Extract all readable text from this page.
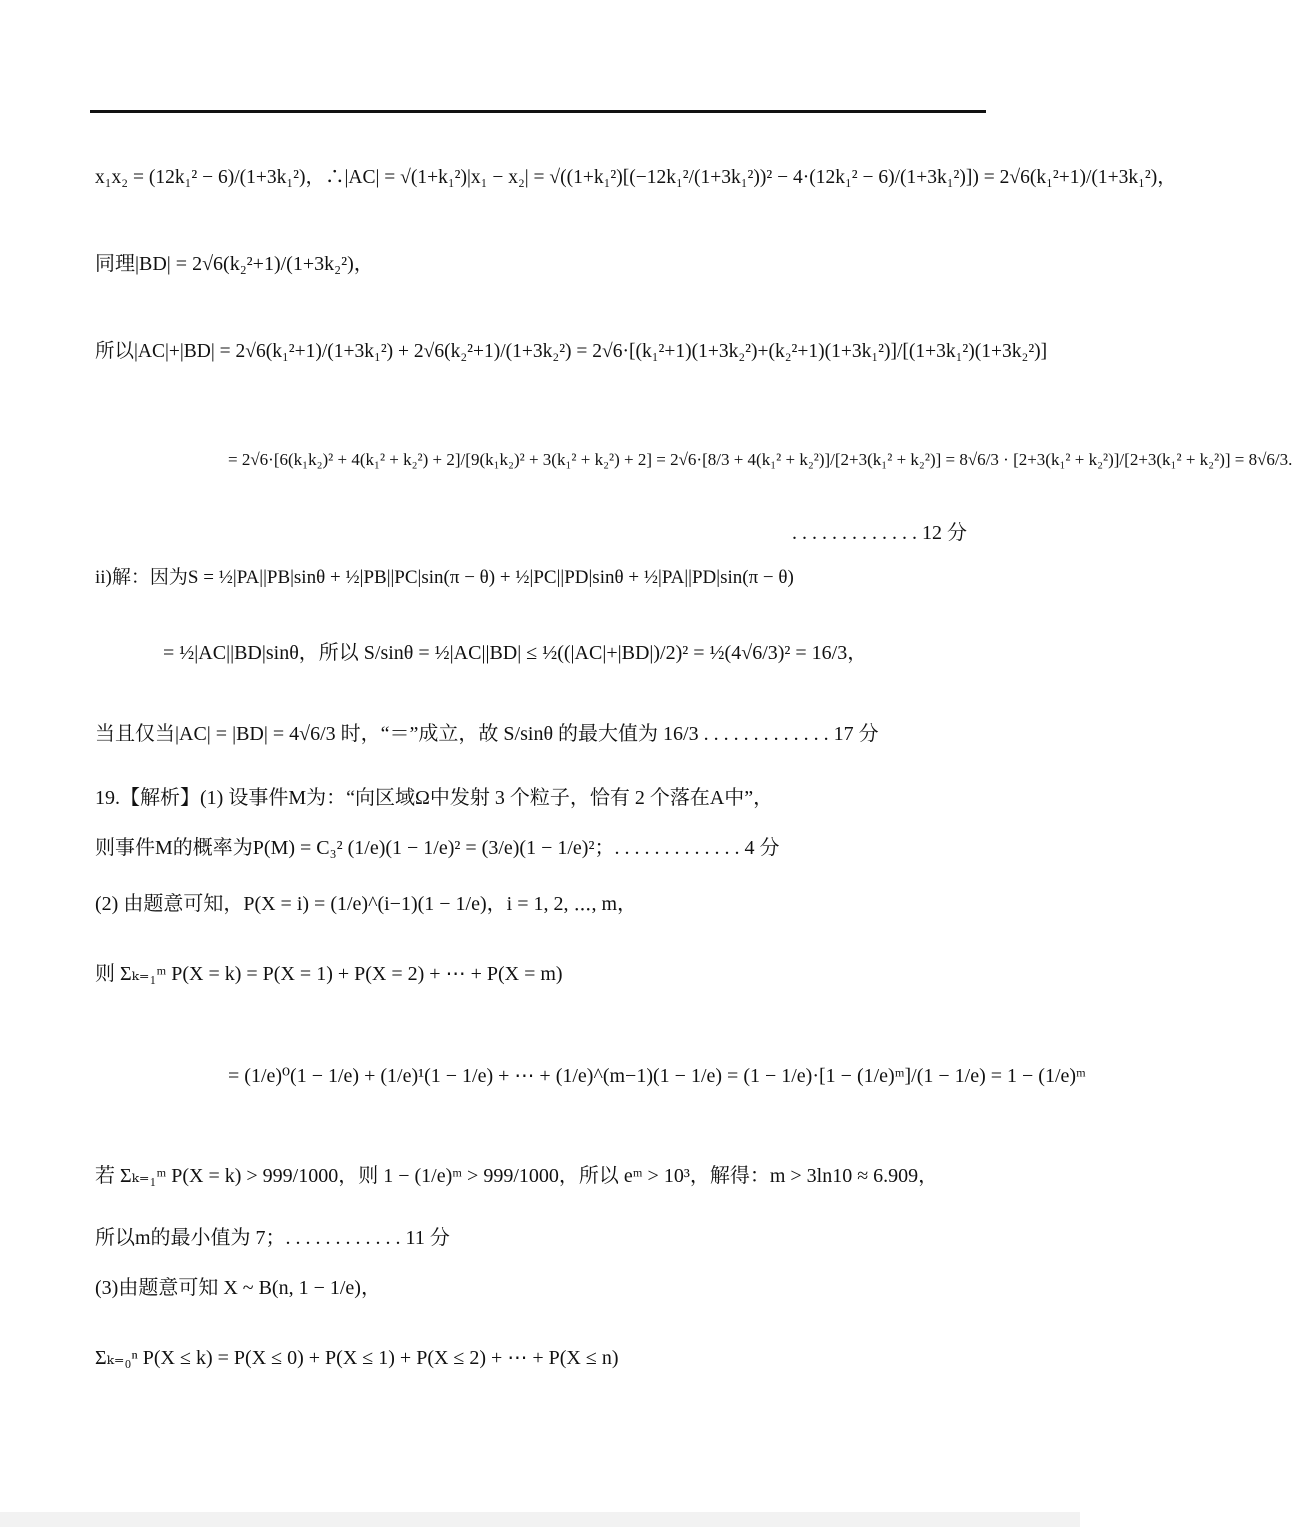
x₁x₂ = (12k₁² − 6)/(1+3k₁²)，∴|AC| = √(1+k₁²)|x₁ − x₂| = √((1+k₁²)[(−12k₁²/(1+3k₁²))² − 4·(12k₁² − 6)/(1+3k₁²)]) = 2√6(k₁²+1)/(1+3k₁²)，
同理|BD| = 2√6(k₂²+1)/(1+3k₂²)，
所以|AC|+|BD| = 2√6(k₁²+1)/(1+3k₁²) + 2√6(k₂²+1)/(1+3k₂²) = 2√6·[(k₁²+1)(1+3k₂²)+(k₂²+1)(1+3k₁²)]/[(1+3k₁²)(1+3k₂²)]
= 2√6·[6(k₁k₂)² + 4(k₁² + k₂²) + 2]/[9(k₁k₂)² + 3(k₁² + k₂²) + 2] = 2√6·[8/3 + 4(k₁² + k₂²)]/[2+3(k₁² + k₂²)] = 8√6/3 · [2+3(k₁² + k₂²)]/[2+3(k₁² + k₂²)] = 8√6/3.
. . . . . . . . . . . . . 12 分
ii)解：因为S = ½|PA||PB|sinθ + ½|PB||PC|sin(π − θ) + ½|PC||PD|sinθ + ½|PA||PD|sin(π − θ)
= ½|AC||BD|sinθ，所以 S/sinθ = ½|AC||BD| ≤ ½((|AC|+|BD|)/2)² = ½(4√6/3)² = 16/3，
当且仅当|AC| = |BD| = 4√6/3 时，“＝”成立，故 S/sinθ 的最大值为 16/3 . . . . . . . . . . . . . 17 分
19.【解析】(1) 设事件M为：“向区域Ω中发射 3 个粒子，恰有 2 个落在A中”，
则事件M的概率为P(M) = C₃² (1/e)(1 − 1/e)² = (3/e)(1 − 1/e)²；. . . . . . . . . . . . . 4 分
(2) 由题意可知，P(X = i) = (1/e)^(i−1)(1 − 1/e)，i = 1, 2, ⋯, m，
则 Σₖ₌₁ᵐ P(X = k) = P(X = 1) + P(X = 2) + ⋯ + P(X = m)
= (1/e)⁰(1 − 1/e) + (1/e)¹(1 − 1/e) + ⋯ + (1/e)^(m−1)(1 − 1/e) = (1 − 1/e)·[1 − (1/e)ᵐ]/(1 − 1/e) = 1 − (1/e)ᵐ
若 Σₖ₌₁ᵐ P(X = k) > 999/1000，则 1 − (1/e)ᵐ > 999/1000，所以 eᵐ > 10³，解得：m > 3ln10 ≈ 6.909，
所以m的最小值为 7；. . . . . . . . . . . . 11 分
(3)由题意可知 X ~ B(n, 1 − 1/e)，
Σₖ₌₀ⁿ P(X ≤ k) = P(X ≤ 0) + P(X ≤ 1) + P(X ≤ 2) + ⋯ + P(X ≤ n)
